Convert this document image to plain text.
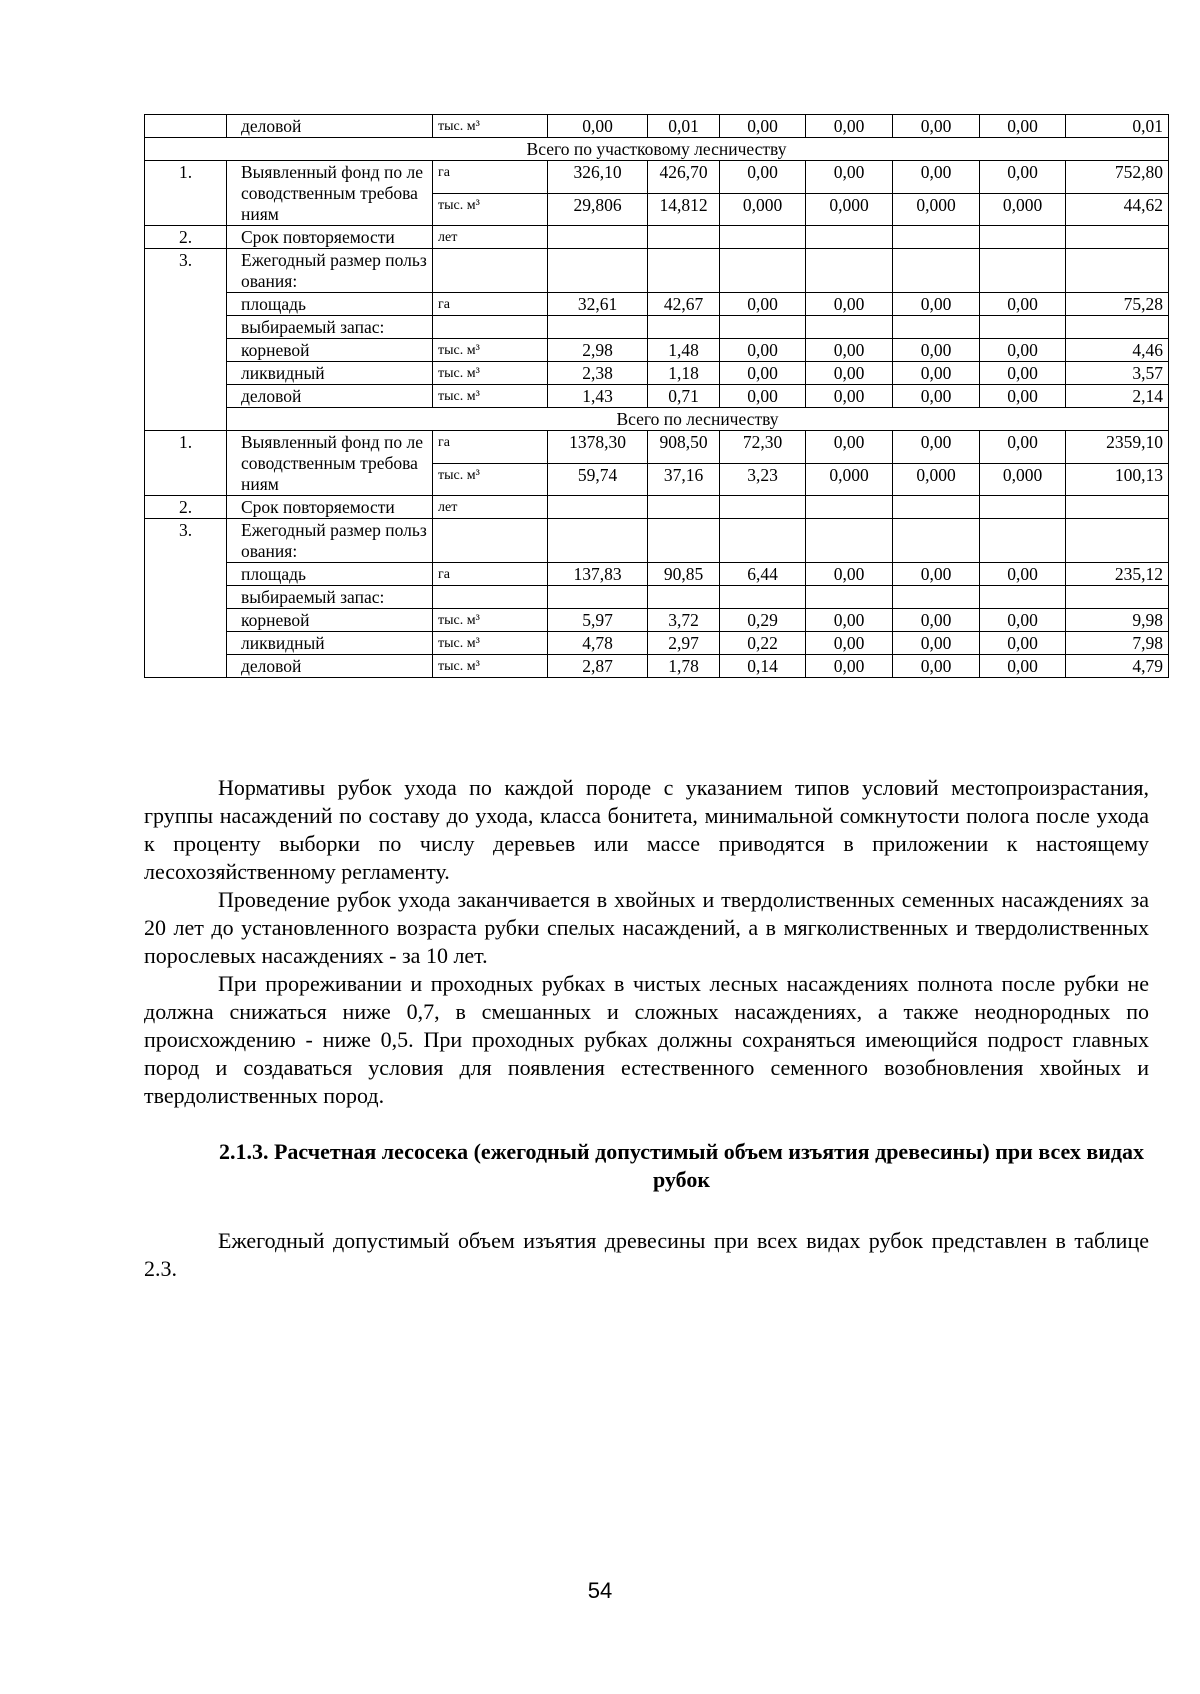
	деловой	тыс. м³	0,00	0,01	0,00	0,00	0,00	0,00	0,01
Всего по участковому лесничеству									
1.	Выявленный фонд по лесоводственным требованиям	га	326,10	426,70	0,00	0,00	0,00	0,00	752,80
		тыс. м³	29,806	14,812	0,000	0,000	0,000	0,000	44,62
2.	Срок повторяемости	лет							
3.	Ежегодный размер пользования:								
	площадь	га	32,61	42,67	0,00	0,00	0,00	0,00	75,28
	выбираемый запас:								
	корневой	тыс. м³	2,98	1,48	0,00	0,00	0,00	0,00	4,46
	ликвидный	тыс. м³	2,38	1,18	0,00	0,00	0,00	0,00	3,57
	деловой	тыс. м³	1,43	0,71	0,00	0,00	0,00	0,00	2,14
	Всего по лесничеству								
1.	Выявленный фонд по лесоводственным требованиям	га	1378,30	908,50	72,30	0,00	0,00	0,00	2359,10
		тыс. м³	59,74	37,16	3,23	0,000	0,000	0,000	100,13
2.	Срок повторяемости	лет							
3.	Ежегодный размер пользования:								
	площадь	га	137,83	90,85	6,44	0,00	0,00	0,00	235,12
	выбираемый запас:								
	корневой	тыс. м³	5,97	3,72	0,29	0,00	0,00	0,00	9,98
	ликвидный	тыс. м³	4,78	2,97	0,22	0,00	0,00	0,00	7,98
	деловой	тыс. м³	2,87	1,78	0,14	0,00	0,00	0,00	4,79

Нормативы рубок ухода по каждой породе с указанием типов условий местопроизрастания, группы насаждений по составу до ухода, класса бонитета, минимальной сомкнутости полога после ухода к проценту выборки по числу деревьев или массе приводятся в приложении к настоящему лесохозяйственному регламенту.

Проведение рубок ухода заканчивается в хвойных и твердолиственных семенных насаждениях за 20 лет до установленного возраста рубки спелых насаждений, а в мягколиственных и твердолиственных порослевых насаждениях - за 10 лет.

При прореживании и проходных рубках в чистых лесных насаждениях полнота после рубки не должна снижаться ниже 0,7, в смешанных и сложных насаждениях, а также неоднородных по происхождению - ниже 0,5. При проходных рубках должны сохраняться имеющийся подрост главных пород и создаваться условия для появления естественного семенного возобновления хвойных и твердолиственных пород.

2.1.3. Расчетная лесосека (ежегодный допустимый объем изъятия древесины) при всех видах рубок

Ежегодный допустимый объем изъятия древесины при всех видах рубок представлен в таблице 2.3.

54
